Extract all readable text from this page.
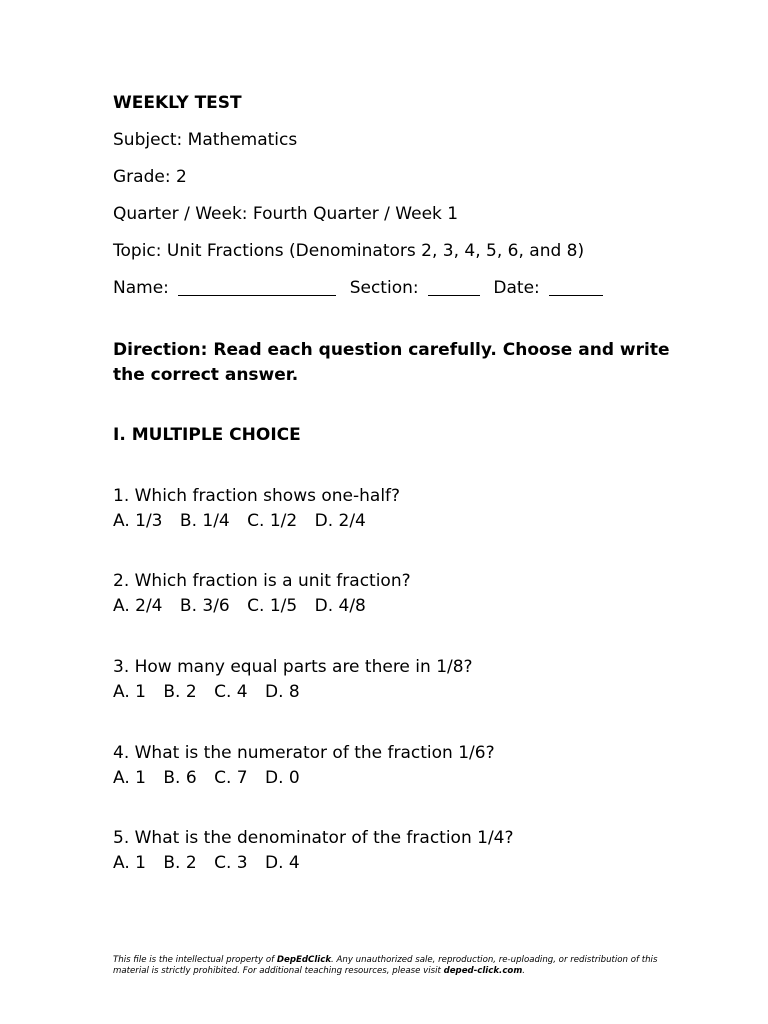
WEEKLY TEST
Subject: Mathematics
Grade: 2
Quarter / Week: Fourth Quarter / Week 1
Topic: Unit Fractions (Denominators 2, 3, 4, 5, 6, and 8)
Name:	Section:	Date:
Direction: Read each question carefully. Choose and write the correct answer.
I. MULTIPLE CHOICE
1. Which fraction shows one-half?
A. 1/3 B. 1/4 C. 1/2 D. 2/4
2. Which fraction is a unit fraction?
A. 2/4 B. 3/6 C. 1/5 D. 4/8
3. How many equal parts are there in 1/8?
A. 1 B. 2 C. 4 D. 8
4. What is the numerator of the fraction 1/6?
A. 1 B. 6 C. 7 D. 0
5. What is the denominator of the fraction 1/4?
A. 1 B. 2 C. 3 D. 4
This file is the intellectual property of DepEdClick. Any unauthorized sale, reproduction, re-uploading, or redistribution of this material is strictly prohibited. For additional teaching resources, please visit deped-click.com.
